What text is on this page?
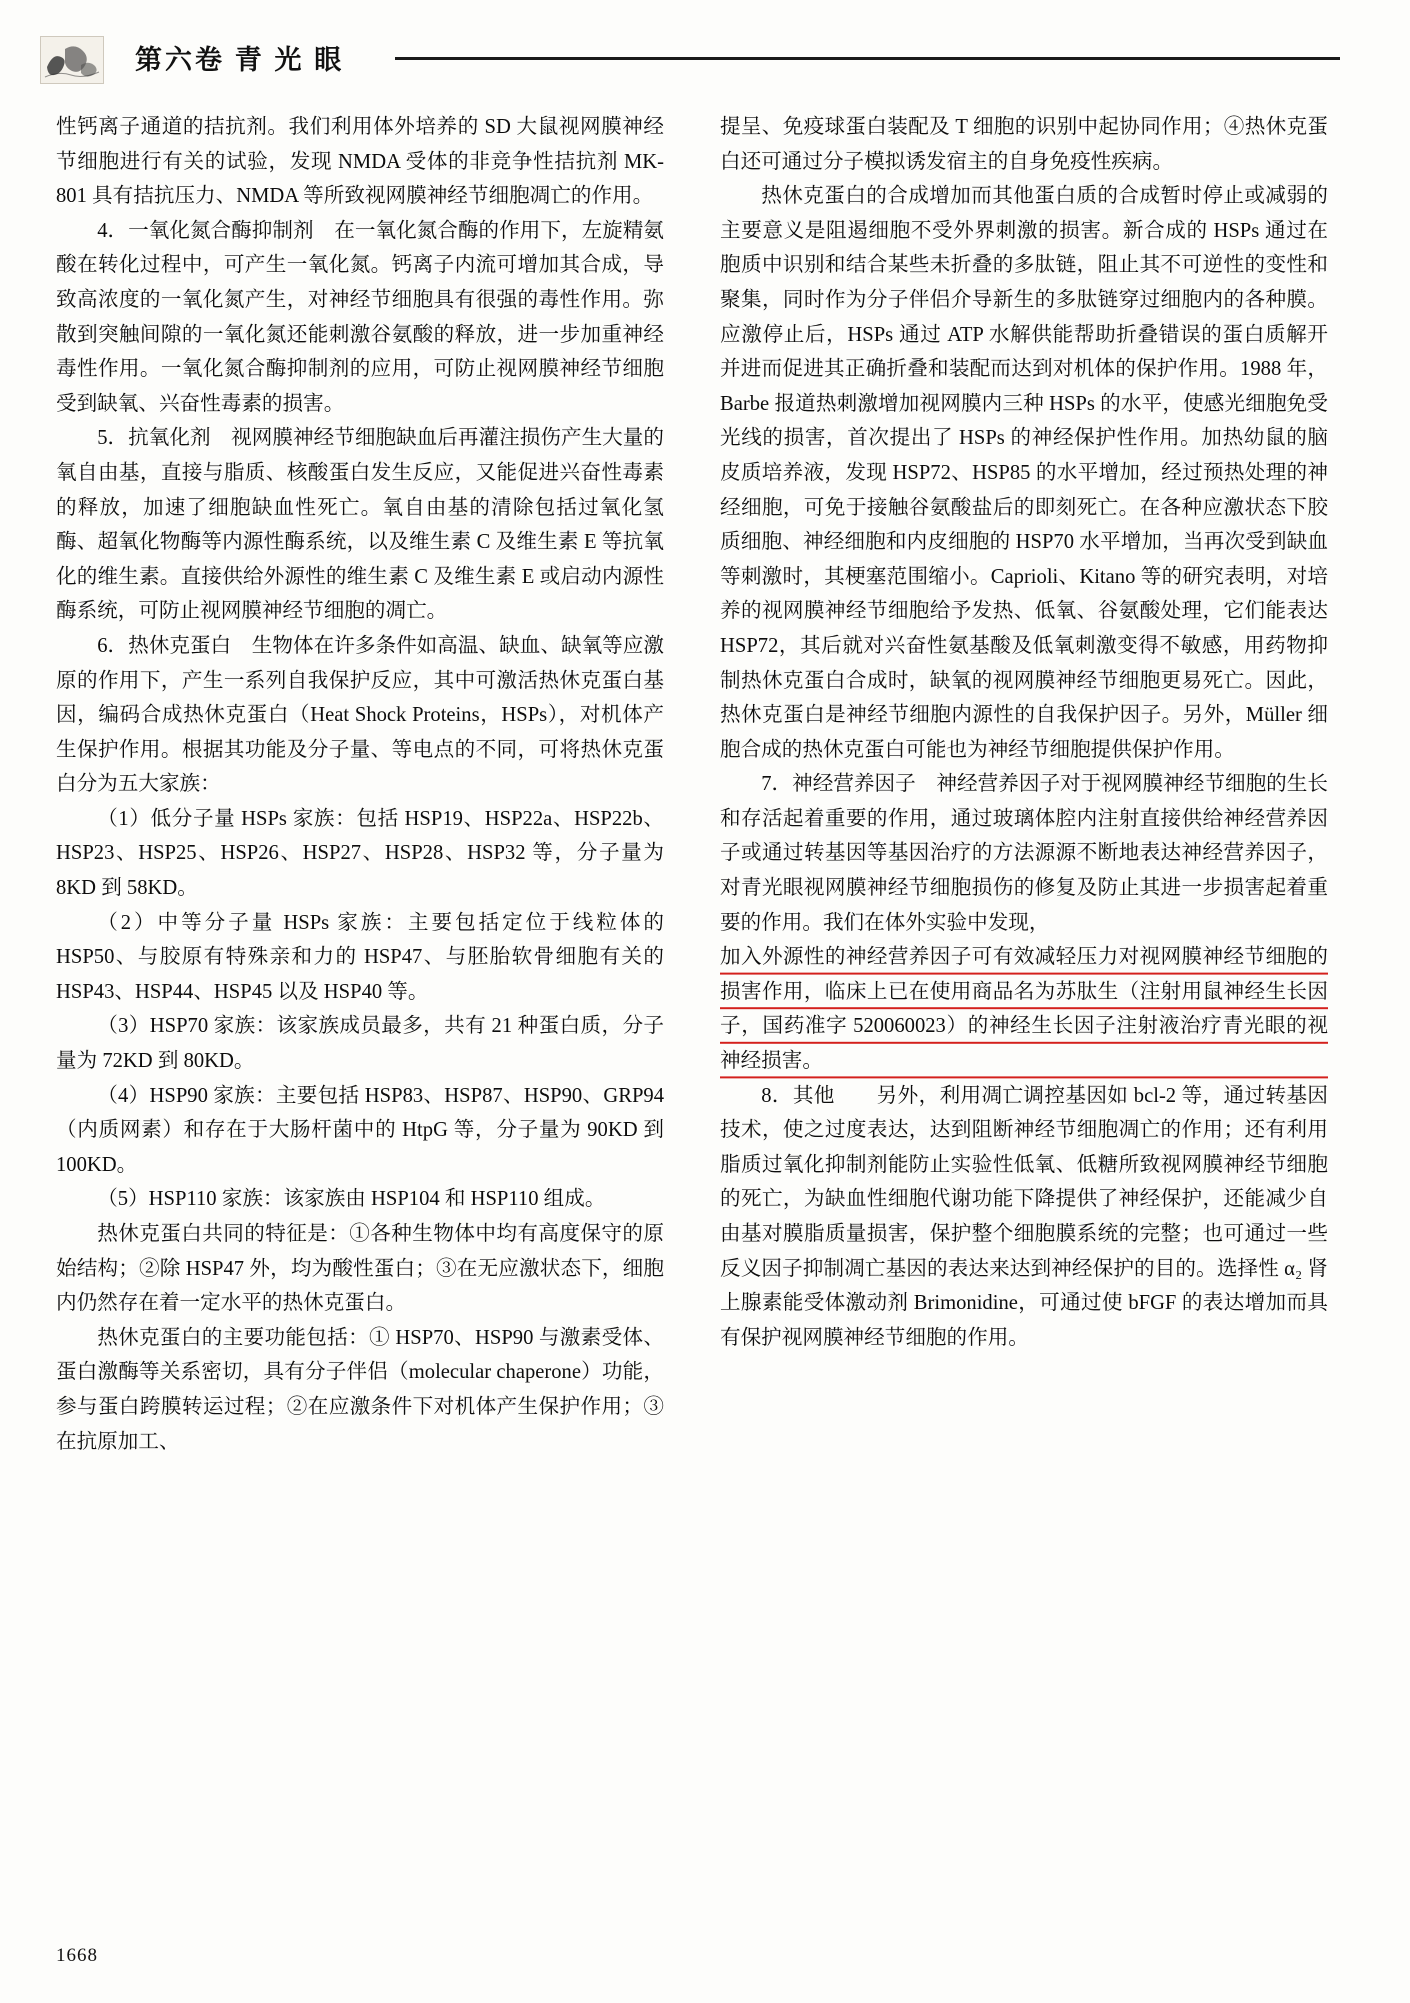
第六卷 青 光 眼

性钙离子通道的拮抗剂。我们利用体外培养的 SD 大鼠视网膜神经节细胞进行有关的试验，发现 NMDA 受体的非竞争性拮抗剂 MK-801 具有拮抗压力、NMDA 等所致视网膜神经节细胞凋亡的作用。

4．一氧化氮合酶抑制剂　在一氧化氮合酶的作用下，左旋精氨酸在转化过程中，可产生一氧化氮。钙离子内流可增加其合成，导致高浓度的一氧化氮产生，对神经节细胞具有很强的毒性作用。弥散到突触间隙的一氧化氮还能刺激谷氨酸的释放，进一步加重神经毒性作用。一氧化氮合酶抑制剂的应用，可防止视网膜神经节细胞受到缺氧、兴奋性毒素的损害。

5．抗氧化剂　视网膜神经节细胞缺血后再灌注损伤产生大量的氧自由基，直接与脂质、核酸蛋白发生反应，又能促进兴奋性毒素的释放，加速了细胞缺血性死亡。氧自由基的清除包括过氧化氢酶、超氧化物酶等内源性酶系统，以及维生素 C 及维生素 E 等抗氧化的维生素。直接供给外源性的维生素 C 及维生素 E 或启动内源性酶系统，可防止视网膜神经节细胞的凋亡。

6．热休克蛋白　生物体在许多条件如高温、缺血、缺氧等应激原的作用下，产生一系列自我保护反应，其中可激活热休克蛋白基因，编码合成热休克蛋白（Heat Shock Proteins，HSPs），对机体产生保护作用。根据其功能及分子量、等电点的不同，可将热休克蛋白分为五大家族：

（1）低分子量 HSPs 家族：包括 HSP19、HSP22a、HSP22b、HSP23、HSP25、HSP26、HSP27、HSP28、HSP32 等，分子量为 8KD 到 58KD。

（2）中等分子量 HSPs 家族：主要包括定位于线粒体的 HSP50、与胶原有特殊亲和力的 HSP47、与胚胎软骨细胞有关的 HSP43、HSP44、HSP45 以及 HSP40 等。

（3）HSP70 家族：该家族成员最多，共有 21 种蛋白质，分子量为 72KD 到 80KD。

（4）HSP90 家族：主要包括 HSP83、HSP87、HSP90、GRP94（内质网素）和存在于大肠杆菌中的 HtpG 等，分子量为 90KD 到 100KD。

（5）HSP110 家族：该家族由 HSP104 和 HSP110 组成。

热休克蛋白共同的特征是：①各种生物体中均有高度保守的原始结构；②除 HSP47 外，均为酸性蛋白；③在无应激状态下，细胞内仍然存在着一定水平的热休克蛋白。

热休克蛋白的主要功能包括：① HSP70、HSP90 与激素受体、蛋白激酶等关系密切，具有分子伴侣（molecular chaperone）功能，参与蛋白跨膜转运过程；②在应激条件下对机体产生保护作用；③在抗原加工、

提呈、免疫球蛋白装配及 T 细胞的识别中起协同作用；④热休克蛋白还可通过分子模拟诱发宿主的自身免疫性疾病。

热休克蛋白的合成增加而其他蛋白质的合成暂时停止或减弱的主要意义是阻遏细胞不受外界刺激的损害。新合成的 HSPs 通过在胞质中识别和结合某些未折叠的多肽链，阻止其不可逆性的变性和聚集，同时作为分子伴侣介导新生的多肽链穿过细胞内的各种膜。应激停止后，HSPs 通过 ATP 水解供能帮助折叠错误的蛋白质解开并进而促进其正确折叠和装配而达到对机体的保护作用。1988 年，Barbe 报道热刺激增加视网膜内三种 HSPs 的水平，使感光细胞免受光线的损害，首次提出了 HSPs 的神经保护性作用。加热幼鼠的脑皮质培养液，发现 HSP72、HSP85 的水平增加，经过预热处理的神经细胞，可免于接触谷氨酸盐后的即刻死亡。在各种应激状态下胶质细胞、神经细胞和内皮细胞的 HSP70 水平增加，当再次受到缺血等刺激时，其梗塞范围缩小。Caprioli、Kitano 等的研究表明，对培养的视网膜神经节细胞给予发热、低氧、谷氨酸处理，它们能表达 HSP72，其后就对兴奋性氨基酸及低氧刺激变得不敏感，用药物抑制热休克蛋白合成时，缺氧的视网膜神经节细胞更易死亡。因此，热休克蛋白是神经节细胞内源性的自我保护因子。另外，Müller 细胞合成的热休克蛋白可能也为神经节细胞提供保护作用。

7．神经营养因子　神经营养因子对于视网膜神经节细胞的生长和存活起着重要的作用，通过玻璃体腔内注射直接供给神经营养因子或通过转基因等基因治疗的方法源源不断地表达神经营养因子，对青光眼视网膜神经节细胞损伤的修复及防止其进一步损害起着重要的作用。我们在体外实验中发现，

加入外源性的神经营养因子可有效减轻压力对视网膜神经节细胞的损害作用，临床上已在使用商品名为苏肽生（注射用鼠神经生长因子，国药准字 520060023）的神经生长因子注射液治疗青光眼的视神经损害。

8．其他　　另外，利用凋亡调控基因如 bcl-2 等，通过转基因技术，使之过度表达，达到阻断神经节细胞凋亡的作用；还有利用脂质过氧化抑制剂能防止实验性低氧、低糖所致视网膜神经节细胞的死亡，为缺血性细胞代谢功能下降提供了神经保护，还能减少自由基对膜脂质量损害，保护整个细胞膜系统的完整；也可通过一些反义因子抑制凋亡基因的表达来达到神经保护的目的。选择性 α₂ 肾上腺素能受体激动剂 Brimonidine，可通过使 bFGF 的表达增加而具有保护视网膜神经节细胞的作用。

1668
